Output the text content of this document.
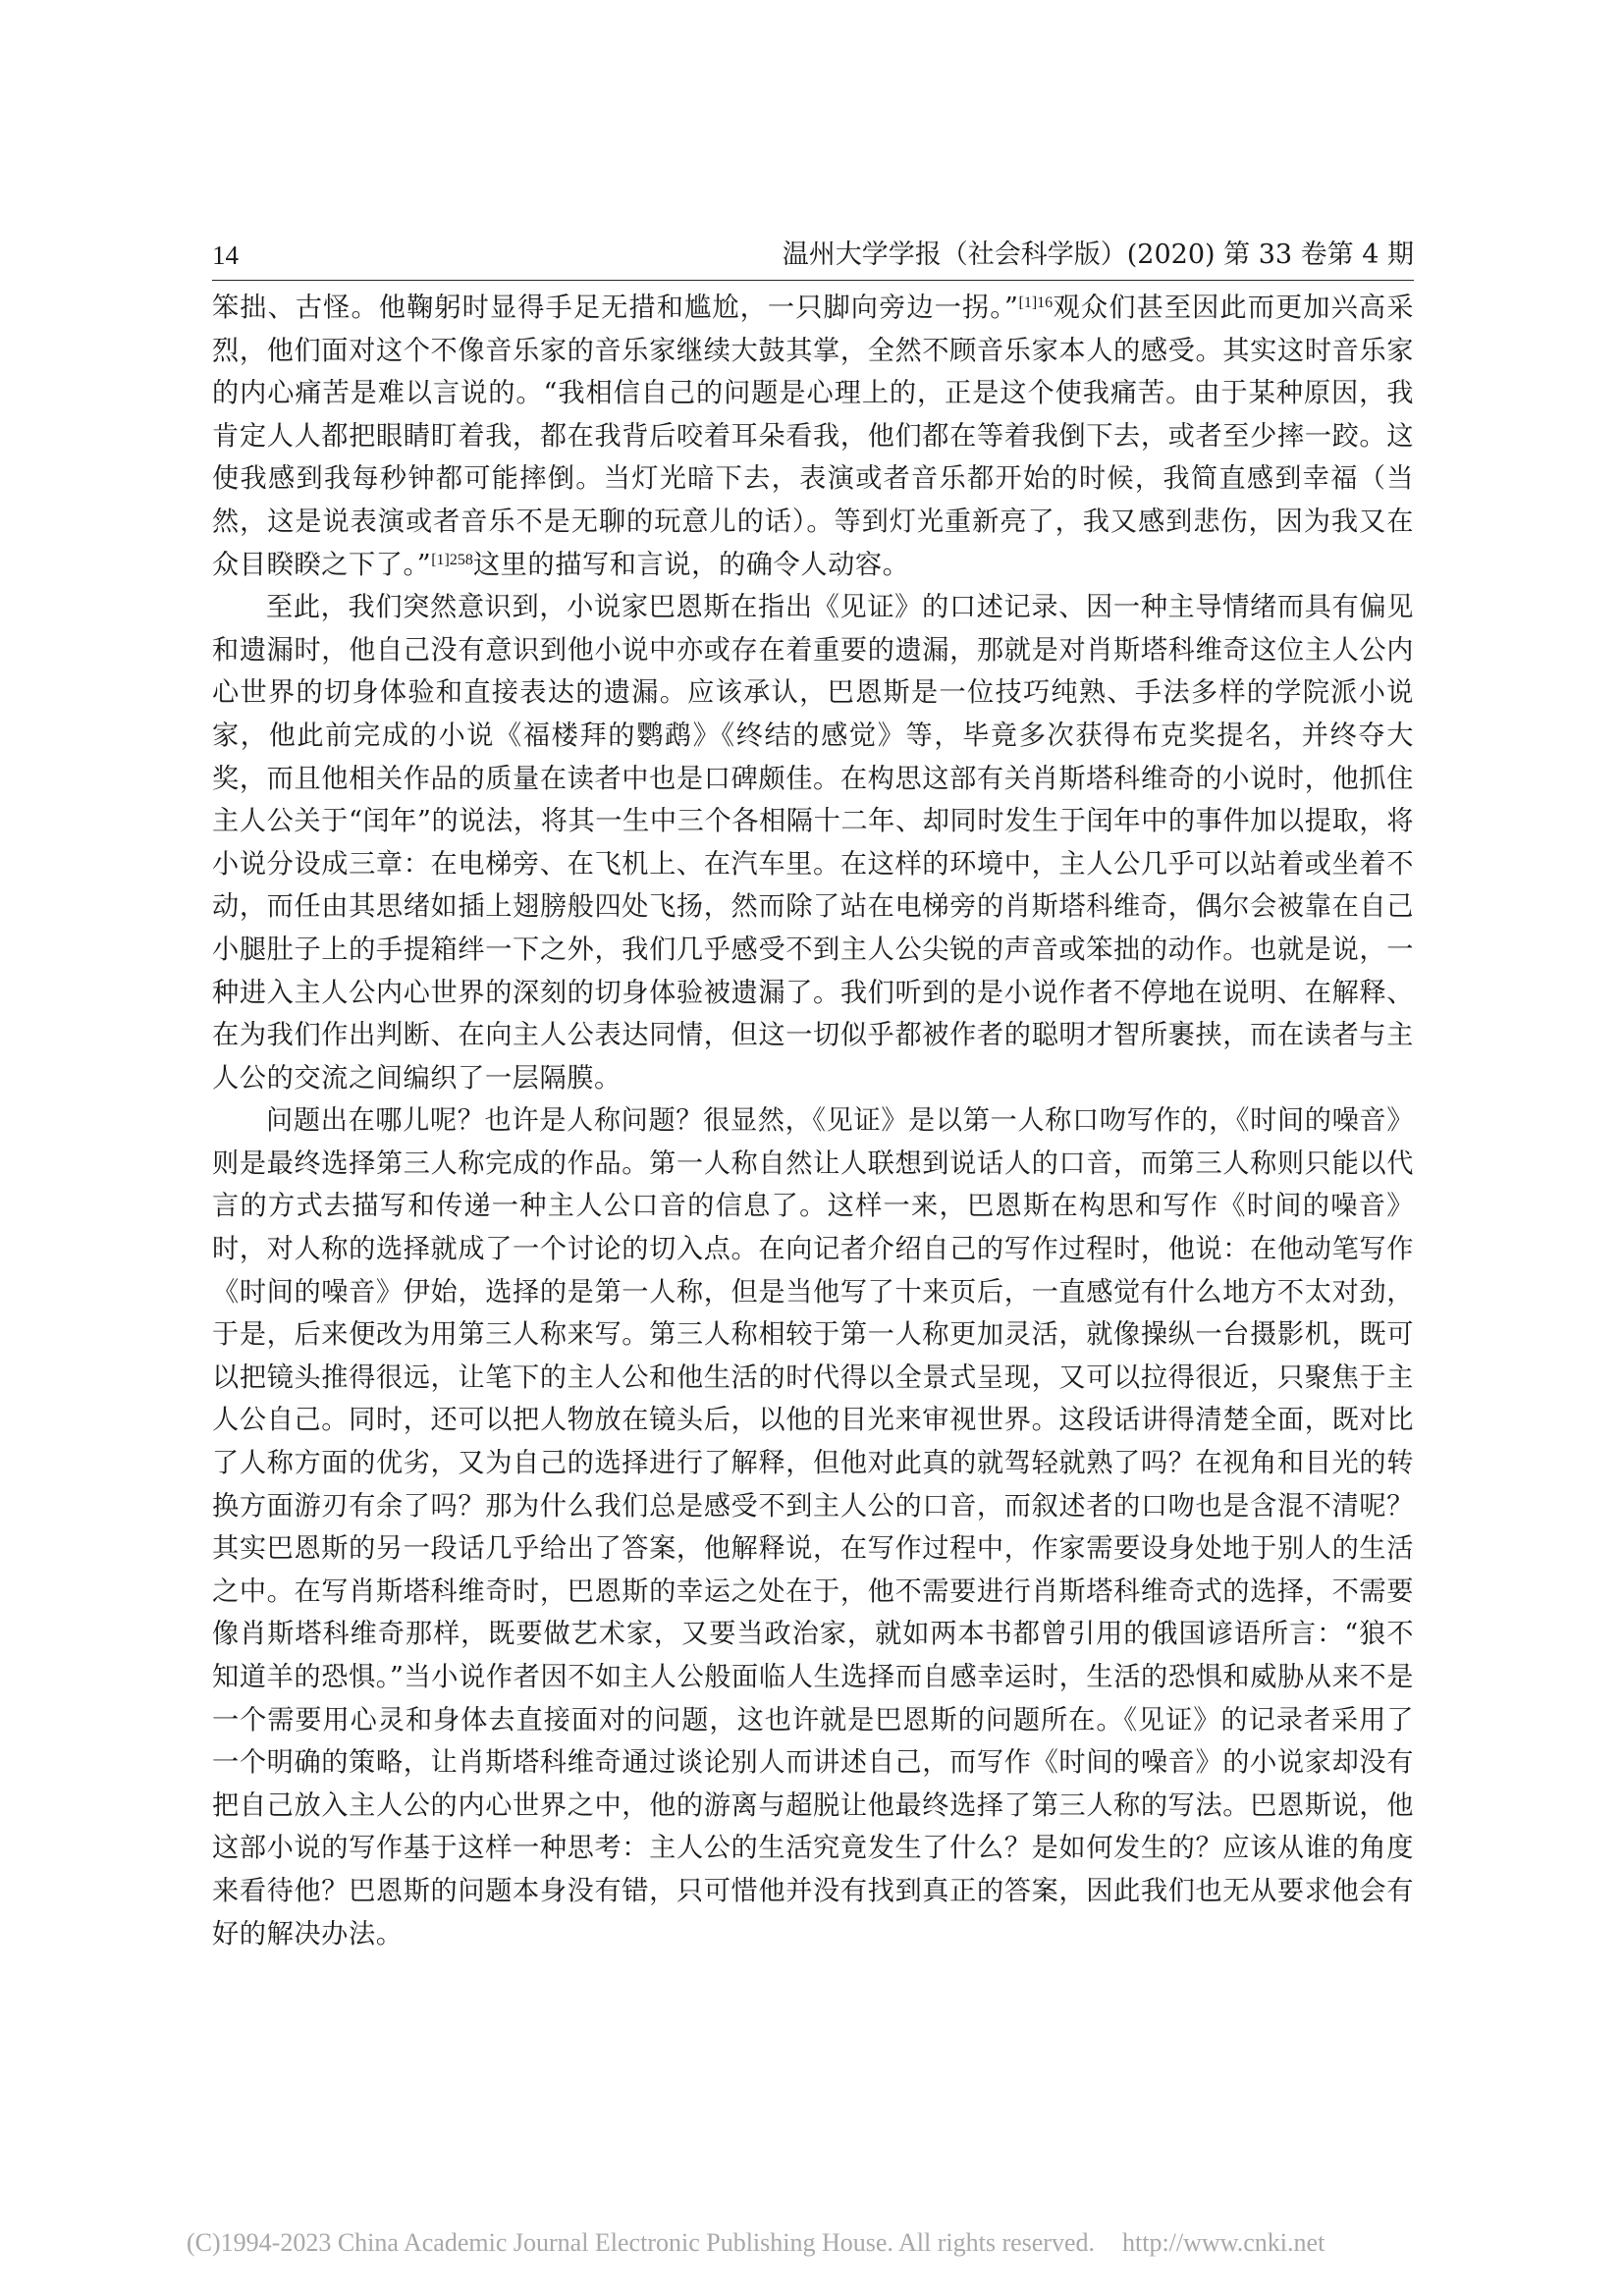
14	温州大学学报（社会科学版）(2020) 第 33 卷第 4 期

笨拙、古怪。他鞠躬时显得手足无措和尴尬，一只脚向旁边一拐。”$^{[1]16}$观众们甚至因此而更加兴高采烈，他们面对这个不像音乐家的音乐家继续大鼓其掌，全然不顾音乐家本人的感受。其实这时音乐家的内心痛苦是难以言说的。“我相信自己的问题是心理上的，正是这个使我痛苦。由于某种原因，我肯定人人都把眼睛盯着我，都在我背后咬着耳朵看我，他们都在等着我倒下去，或者至少摔一跤。这使我感到我每秒钟都可能摔倒。当灯光暗下去，表演或者音乐都开始的时候，我简直感到幸福（当然，这是说表演或者音乐不是无聊的玩意儿的话）。等到灯光重新亮了，我又感到悲伤，因为我又在众目睽睽之下了。”$^{[1]258}$这里的描写和言说，的确令人动容。

至此，我们突然意识到，小说家巴恩斯在指出《见证》的口述记录、因一种主导情绪而具有偏见和遗漏时，他自己没有意识到他小说中亦或存在着重要的遗漏，那就是对肖斯塔科维奇这位主人公内心世界的切身体验和直接表达的遗漏。应该承认，巴恩斯是一位技巧纯熟、手法多样的学院派小说家，他此前完成的小说《福楼拜的鹦鹉》《终结的感觉》等，毕竟多次获得布克奖提名，并终夺大奖，而且他相关作品的质量在读者中也是口碑颇佳。在构思这部有关肖斯塔科维奇的小说时，他抓住主人公关于“闰年”的说法，将其一生中三个各相隔十二年、却同时发生于闰年中的事件加以提取，将小说分设成三章：在电梯旁、在飞机上、在汽车里。在这样的环境中，主人公几乎可以站着或坐着不动，而任由其思绪如插上翅膀般四处飞扬，然而除了站在电梯旁的肖斯塔科维奇，偶尔会被靠在自己小腿肚子上的手提箱绊一下之外，我们几乎感受不到主人公尖锐的声音或笨拙的动作。也就是说，一种进入主人公内心世界的深刻的切身体验被遗漏了。我们听到的是小说作者不停地在说明、在解释、在为我们作出判断、在向主人公表达同情，但这一切似乎都被作者的聪明才智所裹挟，而在读者与主人公的交流之间编织了一层隔膜。

问题出在哪儿呢？也许是人称问题？很显然，《见证》是以第一人称口吻写作的，《时间的噪音》则是最终选择第三人称完成的作品。第一人称自然让人联想到说话人的口音，而第三人称则只能以代言的方式去描写和传递一种主人公口音的信息了。这样一来，巴恩斯在构思和写作《时间的噪音》时，对人称的选择就成了一个讨论的切入点。在向记者介绍自己的写作过程时，他说：在他动笔写作《时间的噪音》伊始，选择的是第一人称，但是当他写了十来页后，一直感觉有什么地方不太对劲，于是，后来便改为用第三人称来写。第三人称相较于第一人称更加灵活，就像操纵一台摄影机，既可以把镜头推得很远，让笔下的主人公和他生活的时代得以全景式呈现，又可以拉得很近，只聚焦于主人公自己。同时，还可以把人物放在镜头后，以他的目光来审视世界。这段话讲得清楚全面，既对比了人称方面的优劣，又为自己的选择进行了解释，但他对此真的就驾轻就熟了吗？在视角和目光的转换方面游刃有余了吗？那为什么我们总是感受不到主人公的口音，而叙述者的口吻也是含混不清呢？其实巴恩斯的另一段话几乎给出了答案，他解释说，在写作过程中，作家需要设身处地于别人的生活之中。在写肖斯塔科维奇时，巴恩斯的幸运之处在于，他不需要进行肖斯塔科维奇式的选择，不需要像肖斯塔科维奇那样，既要做艺术家，又要当政治家，就如两本书都曾引用的俄国谚语所言：“狼不知道羊的恐惧。”当小说作者因不如主人公般面临人生选择而自感幸运时，生活的恐惧和威胁从来不是一个需要用心灵和身体去直接面对的问题，这也许就是巴恩斯的问题所在。《见证》的记录者采用了一个明确的策略，让肖斯塔科维奇通过谈论别人而讲述自己，而写作《时间的噪音》的小说家却没有把自己放入主人公的内心世界之中，他的游离与超脱让他最终选择了第三人称的写法。巴恩斯说，他这部小说的写作基于这样一种思考：主人公的生活究竟发生了什么？是如何发生的？应该从谁的角度来看待他？巴恩斯的问题本身没有错，只可惜他并没有找到真正的答案，因此我们也无从要求他会有好的解决办法。

(C)1994-2023 China Academic Journal Electronic Publishing House. All rights reserved. http://www.cnki.net
